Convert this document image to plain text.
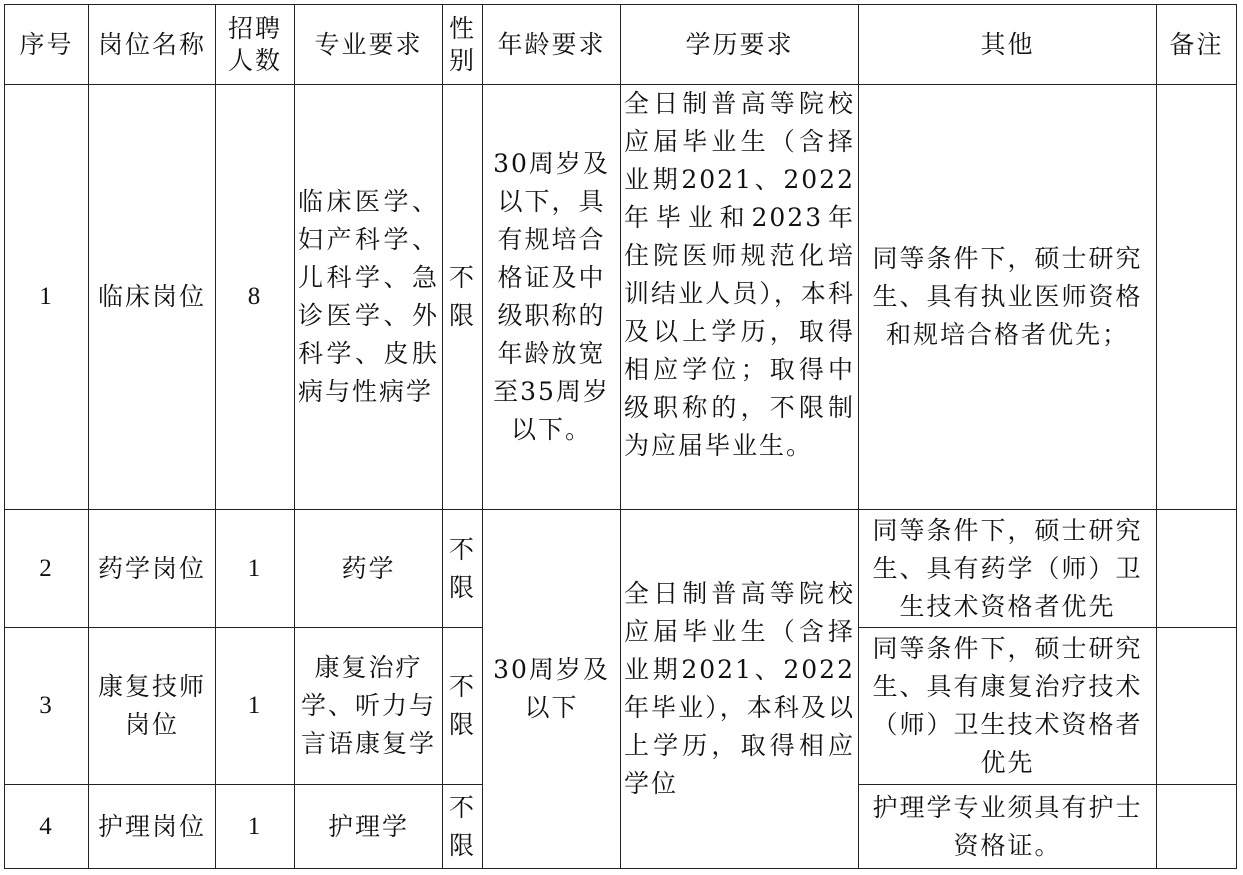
序号	岗位名称	招聘人数	专业要求	性别	年龄要求	学历要求	其他	备注
1	临床岗位	8	临床医学、妇产科学、儿科学、急诊医学、外科学、皮肤病与性病学	不限	30周岁及以下，具有规培合格证及中级职称的年龄放宽至35周岁以下。	全日制普高等院校应届毕业生（含择业期2021、2022年毕业和2023年住院医师规范化培训结业人员），本科及以上学历，取得相应学位；取得中级职称的，不限制为应届毕业生。	同等条件下，硕士研究生、具有执业医师资格和规培合格者优先；	
2	药学岗位	1	药学	不限	30周岁及以下	全日制普高等院校应届毕业生（含择业期2021、2022年毕业），本科及以上学历，取得相应学位	同等条件下，硕士研究生、具有药学（师）卫生技术资格者优先	
3	康复技师岗位	1	康复治疗学、听力与言语康复学	不限			同等条件下，硕士研究生、具有康复治疗技术（师）卫生技术资格者优先	
4	护理岗位	1	护理学	不限			护理学专业须具有护士资格证。	
